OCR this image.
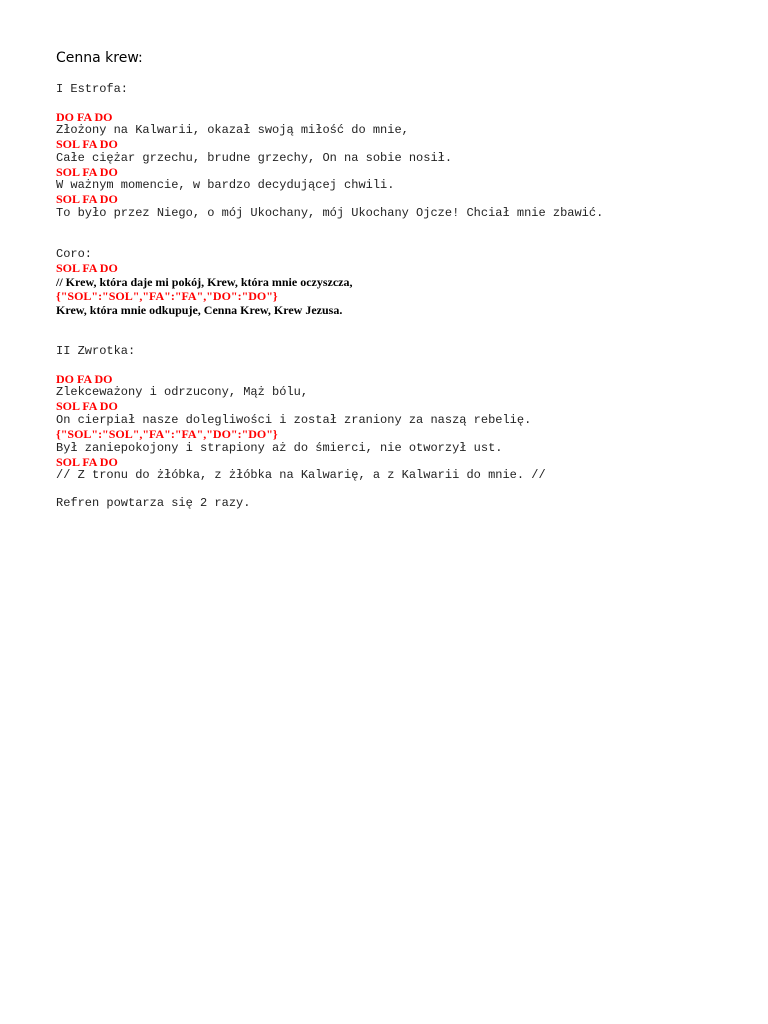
Cenna krew:
I Estrofa:
DO FA DO
Złożony na Kalwarii, okazał swoją miłość do mnie,
SOL FA DO
Całe ciężar grzechu, brudne grzechy, On na sobie nosił.
SOL FA DO
W ważnym momencie, w bardzo decydującej chwili.
SOL FA DO
To było przez Niego, o mój Ukochany, mój Ukochany Ojcze! Chciał mnie zbawić.
Coro:
SOL FA DO
// Krew, która daje mi pokój, Krew, która mnie oczyszcza,
{"SOL":"SOL","FA":"FA","DO":"DO"}
Krew, która mnie odkupuje, Cenna Krew, Krew Jezusa.
II Zwrotka:
DO FA DO
Zlekceważony i odrzucony, Mąż bólu,
SOL FA DO
On cierpiał nasze dolegliwości i został zraniony za naszą rebelię.
{"SOL":"SOL","FA":"FA","DO":"DO"}
Był zaniepokojony i strapiony aż do śmierci, nie otworzył ust.
SOL FA DO
// Z tronu do żłóbka, z żłóbka na Kalwarię, a z Kalwarii do mnie. //
Refren powtarza się 2 razy.
